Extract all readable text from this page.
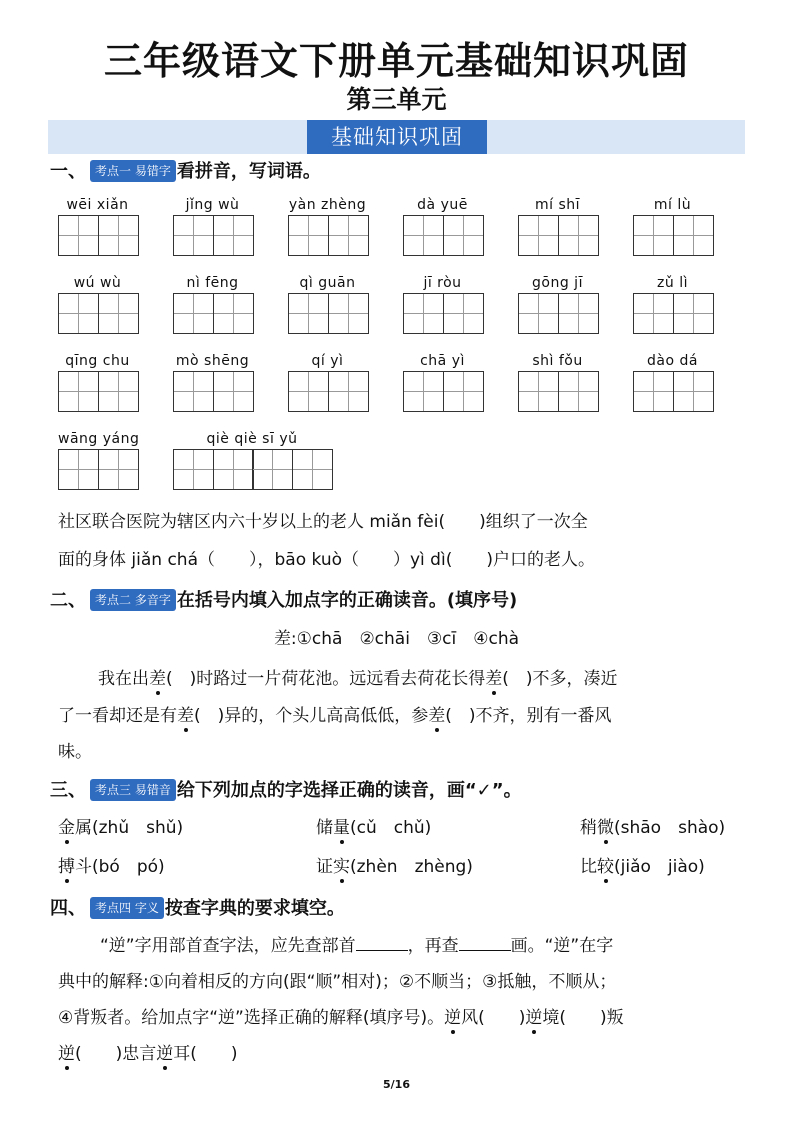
三年级语文下册单元基础知识巩固
第三单元
基础知识巩固
一、 考点一 易错字 看拼音，写词语。
wēi xiǎn	jǐng wù	yàn zhèng	dà yuē	mí shī	mí lù
wú wù	nì fēng	qì guān	jī ròu	gōng jī	zǔ lì
qīng chu	mò shēng	qí yì	chā yì	shì fǒu	dào dá
wāng yáng	qiè qiè sī yǔ
社区联合医院为辖区内六十岁以上的老人 miǎn fèi(　　)组织了一次全
面的身体 jiǎn chá（　　），bāo kuò（　　）yì dì(　　)户口的老人。
二、 考点二 多音字 在括号内填入加点字的正确读音。(填序号)
差:①chā　②chāi　③cī　④chà
我在出差(　)时路过一片荷花池。远远看去荷花长得差(　)不多，凑近
了一看却还是有差(　)异的，个头儿高高低低，参差(　)不齐，别有一番风
味。
三、 考点三 易错音 给下列加点的字选择正确的读音，画“✓”。
金属(zhǔ　shǔ)	储量(cǔ　chǔ)	稍微(shāo　shào)
搏斗(bó　pó)	证实(zhèn　zhèng)	比较(jiǎo　jiào)
四、 考点四 字义 按查字典的要求填空。
“逆”字用部首查字法，应先查部首	，再查	画。“逆”在字
典中的解释:①向着相反的方向(跟“顺”相对)；②不顺当；③抵触，不顺从；
④背叛者。给加点字“逆”选择正确的解释(填序号)。逆风(　　)逆境(　　)叛
逆(　　)忠言逆耳(　　)
5/16
